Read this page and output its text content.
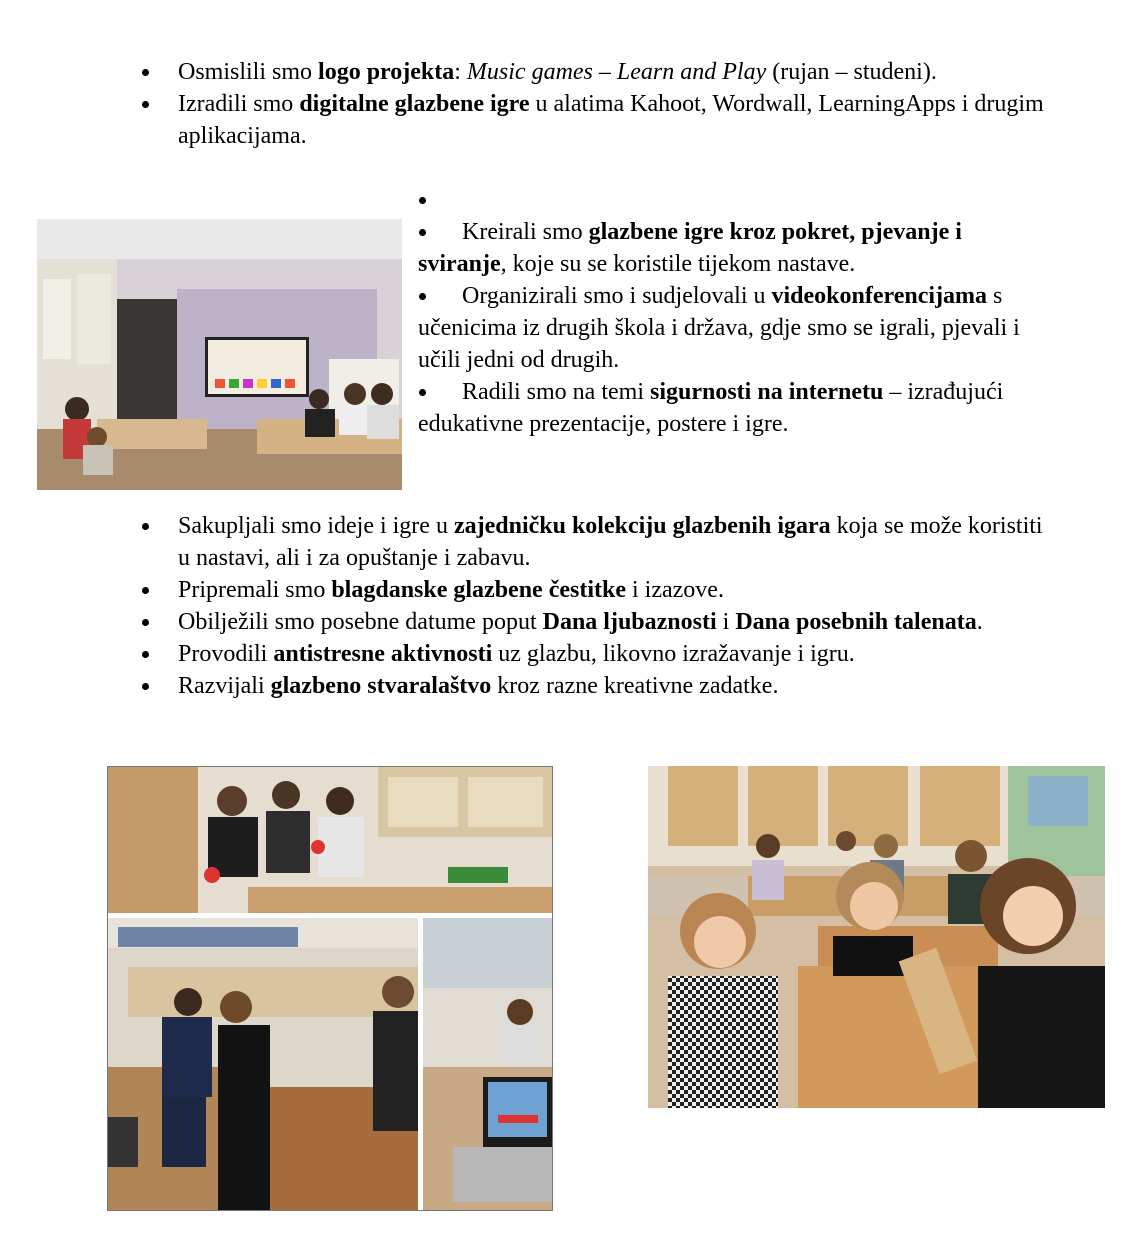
Osmislili smo logo projekta: Music games – Learn and Play (rujan – studeni).
Izradili smo digitalne glazbene igre u alatima Kahoot, Wordwall, LearningApps i drugim aplikacijama.

Kreirali smo glazbene igre kroz pokret, pjevanje i sviranje, koje su se koristile tijekom nastave.
Organizirali smo i sudjelovali u videokonferencijama s učenicima iz drugih škola i država, gdje smo se igrali, pjevali i učili jedni od drugih.
Radili smo na temi sigurnosti na internetu – izrađujući edukativne prezentacije, postere i igre.
Sakupljali smo ideje i igre u zajedničku kolekciju glazbenih igara koja se može koristiti u nastavi, ali i za opuštanje i zabavu.
Pripremali smo blagdanske glazbene čestitke i izazove.
Obilježili smo posebne datume poput Dana ljubaznosti i Dana posebnih talenata.
Provodili antistresne aktivnosti uz glazbu, likovno izražavanje i igru.
Razvijali glazbeno stvaralaštvo kroz razne kreativne zadatke.
